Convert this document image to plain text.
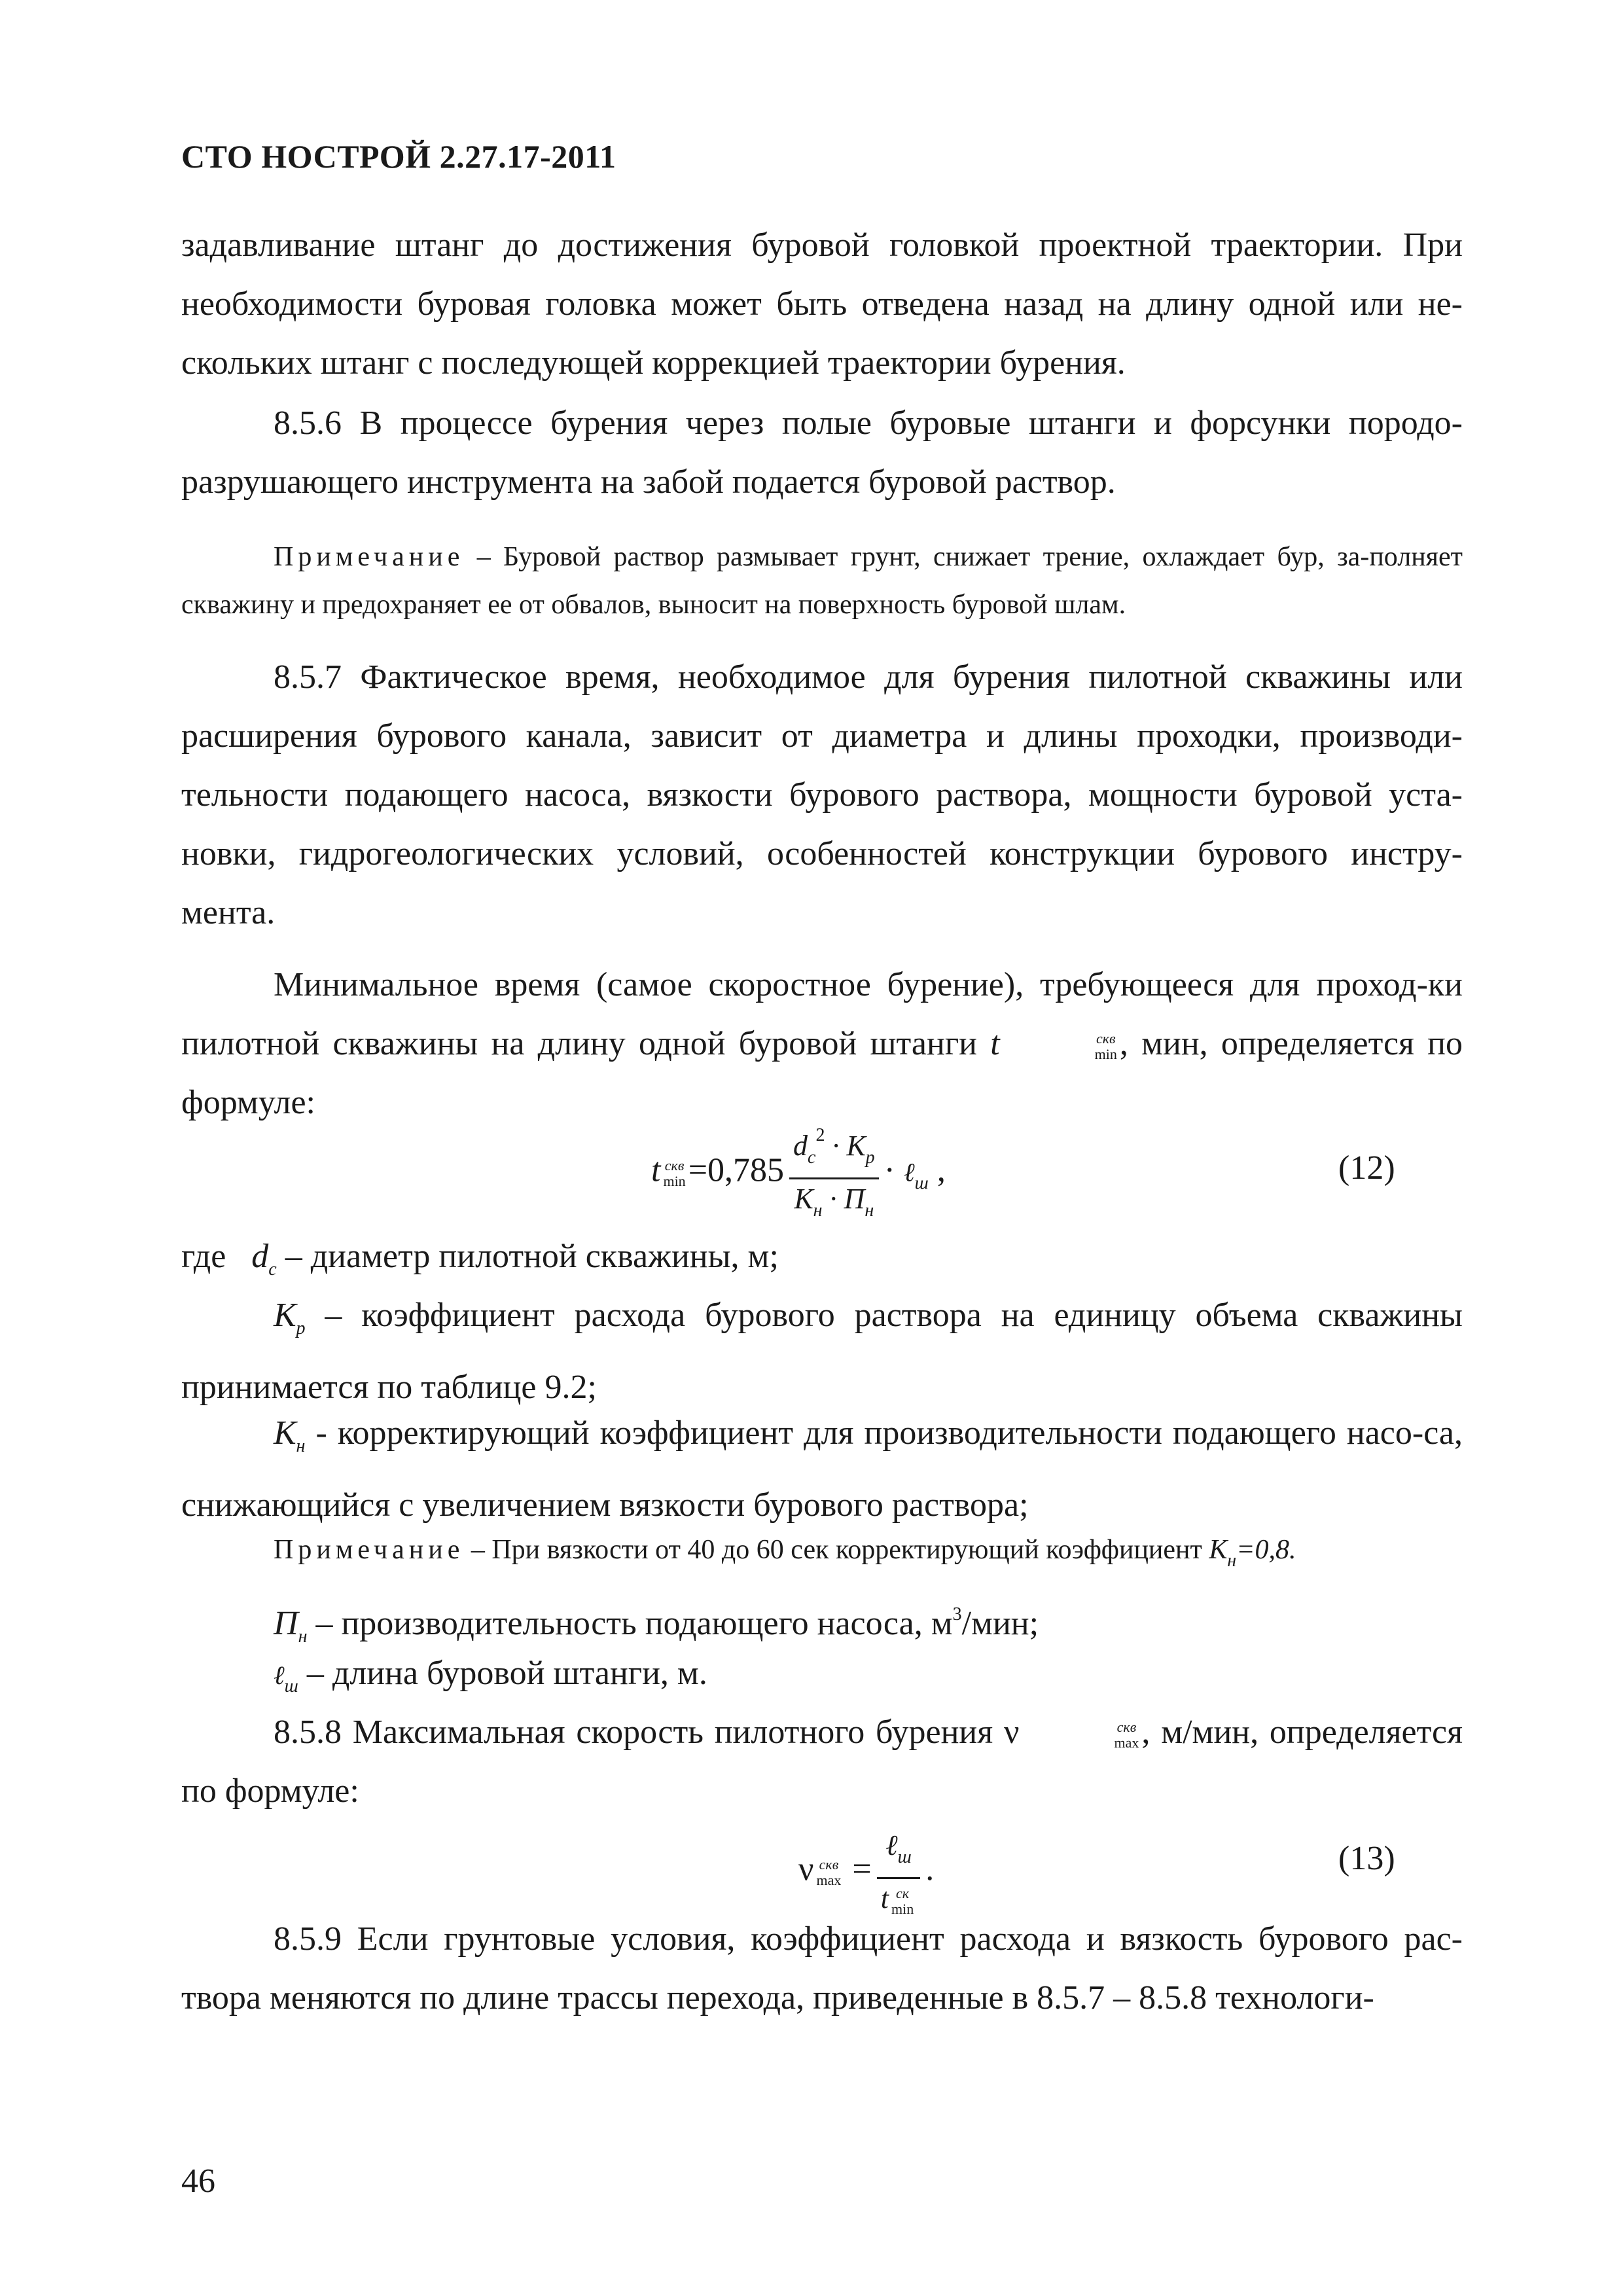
СТО НОСТРОЙ 2.27.17-2011

задавливание штанг до достижения буровой головкой проектной траектории. При необходимости буровая головка может быть отведена назад на длину одной или не-скольких штанг с последующей коррекцией траектории бурения.

8.5.6 В процессе бурения через полые буровые штанги и форсунки породо-разрушающего инструмента на забой подается буровой раствор.

Примечание – Буровой раствор размывает грунт, снижает трение, охлаждает бур, за-полняет скважину и предохраняет ее от обвалов, выносит на поверхность буровой шлам.

8.5.7 Фактическое время, необходимое для бурения пилотной скважины или расширения бурового канала, зависит от диаметра и длины проходки, производи-тельности подающего насоса, вязкости бурового раствора, мощности буровой уста-новки, гидрогеологических условий, особенностей конструкции бурового инстру-мента.

Минимальное время (самое скоростное бурение), требующееся для проход-ки пилотной скважины на длину одной буровой штанги t	скв
min , мин, определяется по формуле:

t скв
$\min =0,785 \frac{d_с^2 \cdot К_р}{К_н \cdot П_н}$ · ℓ$_ш$ ,	(12)

где $d_с$ – диаметр пилотной скважины, м;

$К_р$ – коэффициент расхода бурового раствора на единицу объема скважины принимается по таблице 9.2;

$К_н$ - корректирующий коэффициент для производительности подающего насо-са, снижающийся с увеличением вязкости бурового раствора;

Примечание – При вязкости от 40 до 60 сек корректирующий коэффициент $К_н=0,8$.

$П_н$ – производительность подающего насоса, $м^3$/мин;

ℓ$_ш$ – длина буровой штанги, м.

8.5.8 Максимальная скорость пилотного бурения ν	скв
max , м/мин, определяется по формуле:

ν скв
max = ℓ$_ш$
t ск
min .	(13)

8.5.9 Если грунтовые условия, коэффициент расхода и вязкость бурового рас-твора меняются по длине трассы перехода, приведенные в 8.5.7 – 8.5.8 технологи-

46
